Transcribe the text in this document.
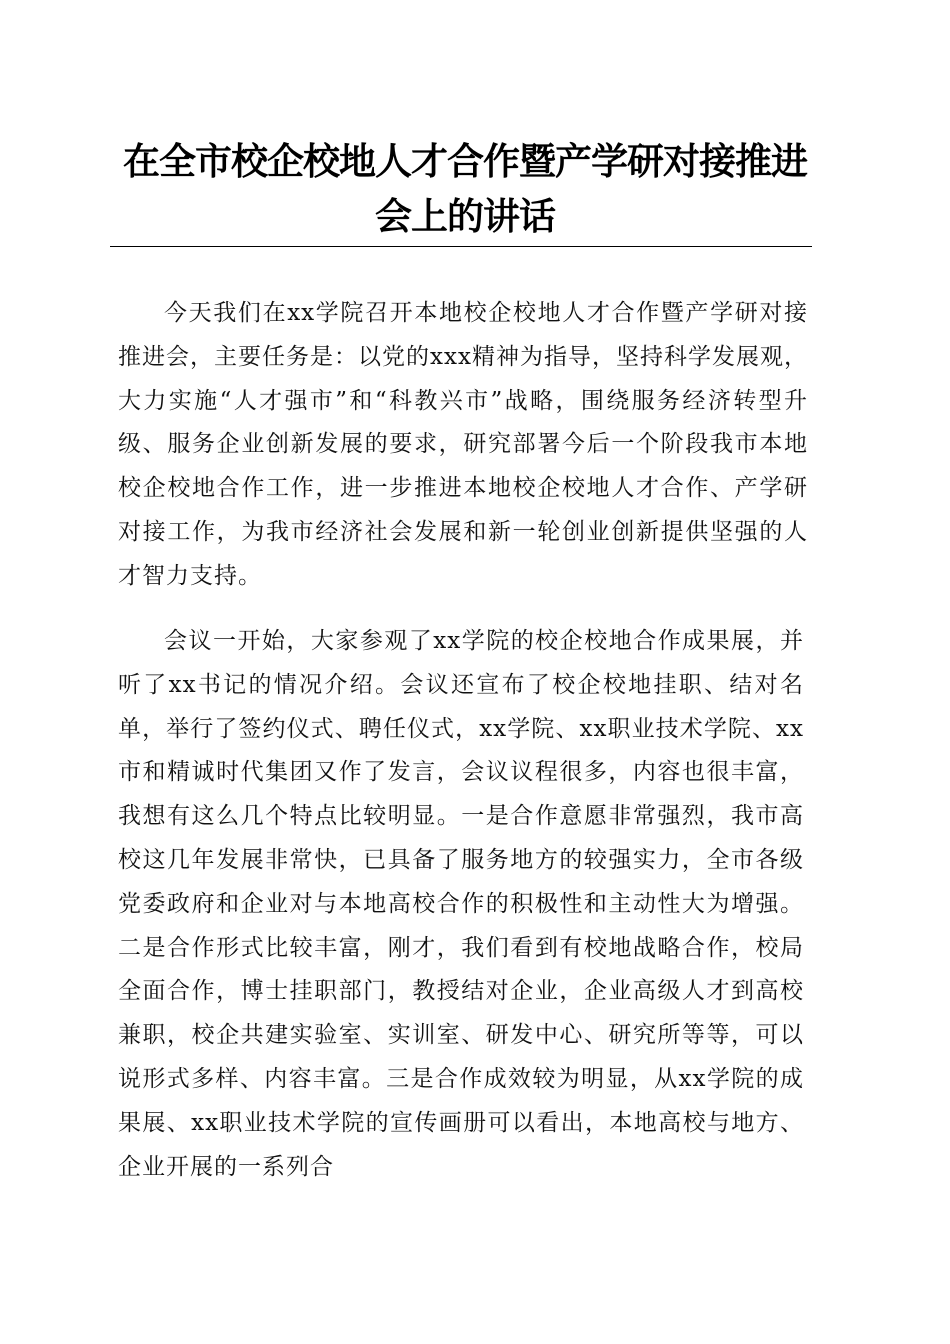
在全市校企校地人才合作暨产学研对接推进会上的讲话

今天我们在xx学院召开本地校企校地人才合作暨产学研对接推进会，主要任务是：以党的xxx精神为指导，坚持科学发展观，大力实施“人才强市”和“科教兴市”战略，围绕服务经济转型升级、服务企业创新发展的要求，研究部署今后一个阶段我市本地校企校地合作工作，进一步推进本地校企校地人才合作、产学研对接工作，为我市经济社会发展和新一轮创业创新提供坚强的人才智力支持。

会议一开始，大家参观了xx学院的校企校地合作成果展，并听了xx书记的情况介绍。会议还宣布了校企校地挂职、结对名单，举行了签约仪式、聘任仪式，xx学院、xx职业技术学院、xx市和精诚时代集团又作了发言，会议议程很多，内容也很丰富，我想有这么几个特点比较明显。一是合作意愿非常强烈，我市高校这几年发展非常快，已具备了服务地方的较强实力，全市各级党委政府和企业对与本地高校合作的积极性和主动性大为增强。二是合作形式比较丰富，刚才，我们看到有校地战略合作，校局全面合作，博士挂职部门，教授结对企业，企业高级人才到高校兼职，校企共建实验室、实训室、研发中心、研究所等等，可以说形式多样、内容丰富。三是合作成效较为明显，从xx学院的成果展、xx职业技术学院的宣传画册可以看出，本地高校与地方、企业开展的一系列合
